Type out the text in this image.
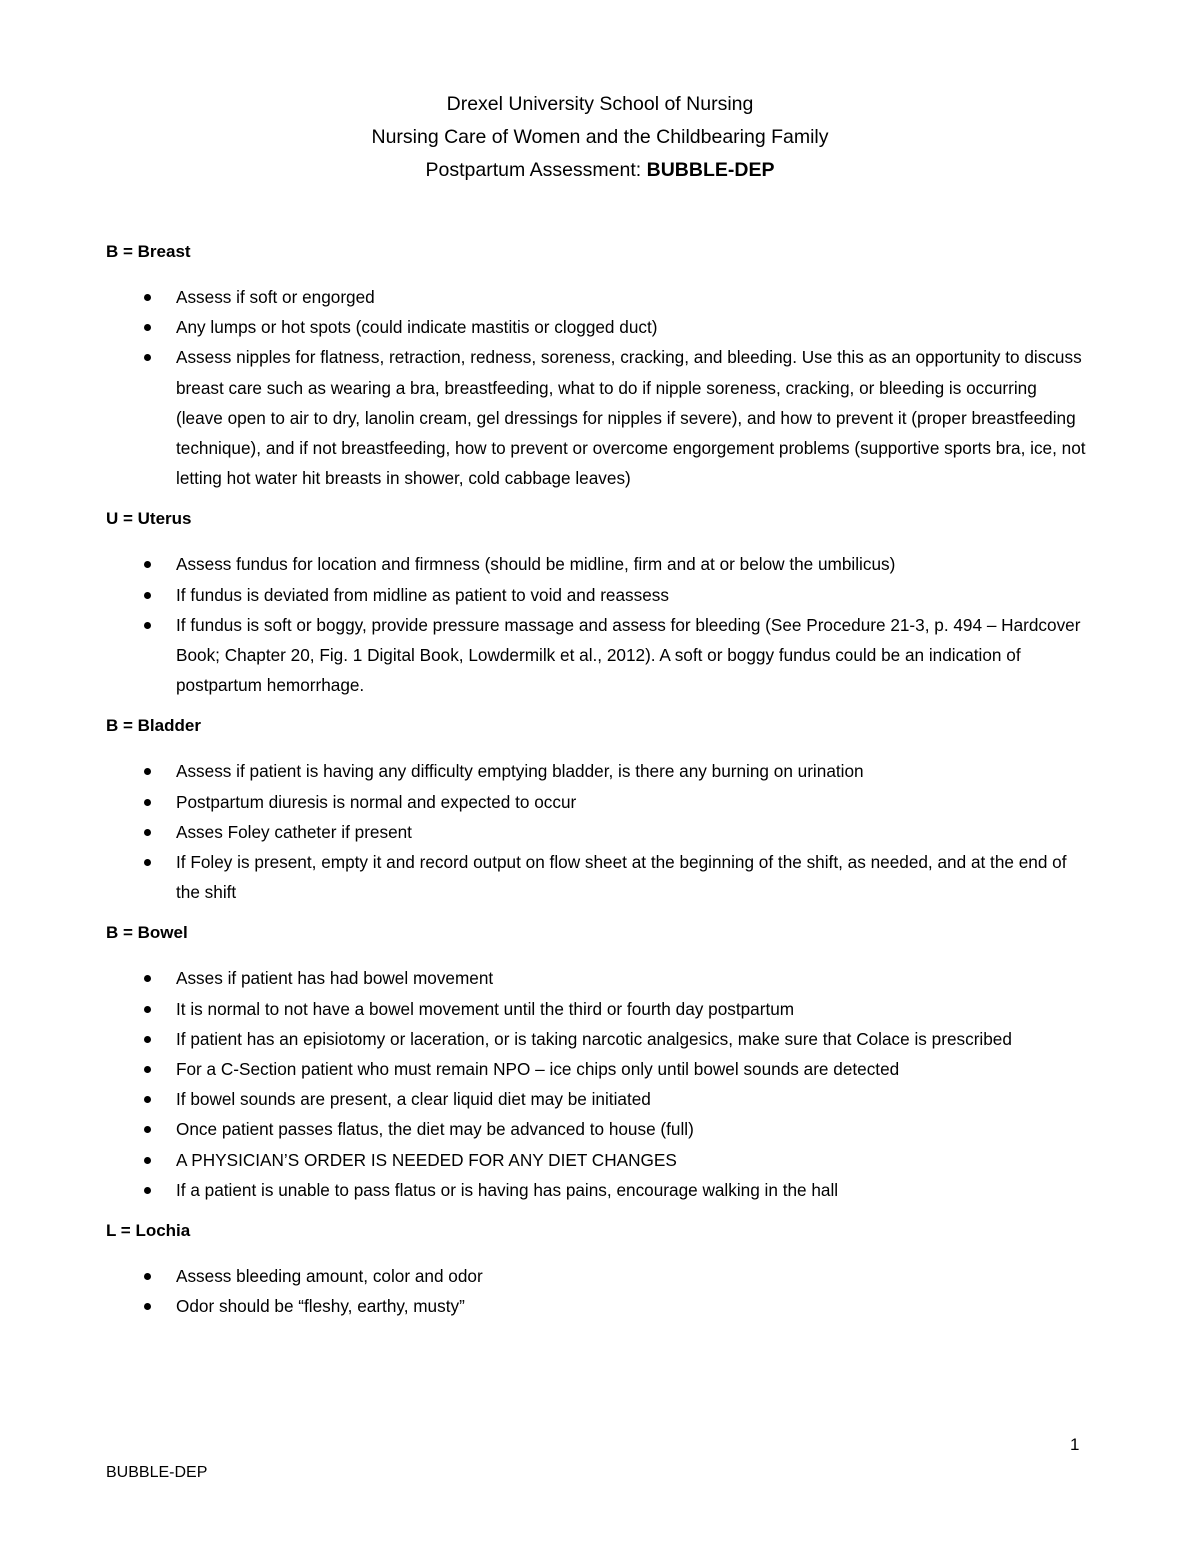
Drexel University School of Nursing
Nursing Care of Women and the Childbearing Family
Postpartum Assessment: BUBBLE-DEP
B = Breast
Assess if soft or engorged
Any lumps or hot spots (could indicate mastitis or clogged duct)
Assess nipples for flatness, retraction, redness, soreness, cracking, and bleeding. Use this as an opportunity to discuss breast care such as wearing a bra, breastfeeding, what to do if nipple soreness, cracking, or bleeding is occurring (leave open to air to dry, lanolin cream, gel dressings for nipples if severe), and how to prevent it (proper breastfeeding technique), and if not breastfeeding, how to prevent or overcome engorgement problems (supportive sports bra, ice, not letting hot water hit breasts in shower, cold cabbage leaves)
U = Uterus
Assess fundus for location and firmness (should be midline, firm and at or below the umbilicus)
If fundus is deviated from midline as patient to void and reassess
If fundus is soft or boggy, provide pressure massage and assess for bleeding (See Procedure 21-3, p. 494 – Hardcover Book; Chapter 20, Fig. 1 Digital Book, Lowdermilk et al., 2012). A soft or boggy fundus could be an indication of postpartum hemorrhage.
B = Bladder
Assess if patient is having any difficulty emptying bladder, is there any burning on urination
Postpartum diuresis is normal and expected to occur
Asses Foley catheter if present
If Foley is present, empty it and record output on flow sheet at the beginning of the shift, as needed, and at the end of the shift
B = Bowel
Asses if patient has had bowel movement
It is normal to not have a bowel movement until the third or fourth day postpartum
If patient has an episiotomy or laceration, or is taking narcotic analgesics, make sure that Colace is prescribed
For a C-Section patient who must remain NPO – ice chips only until bowel sounds are detected
If bowel sounds are present, a clear liquid diet may be initiated
Once patient passes flatus, the diet may be advanced to house (full)
A PHYSICIAN’S ORDER IS NEEDED FOR ANY DIET CHANGES
If a patient is unable to pass flatus or is having has pains, encourage walking in the hall
L = Lochia
Assess bleeding amount, color and odor
Odor should be “fleshy, earthy, musty”
1
BUBBLE-DEP
